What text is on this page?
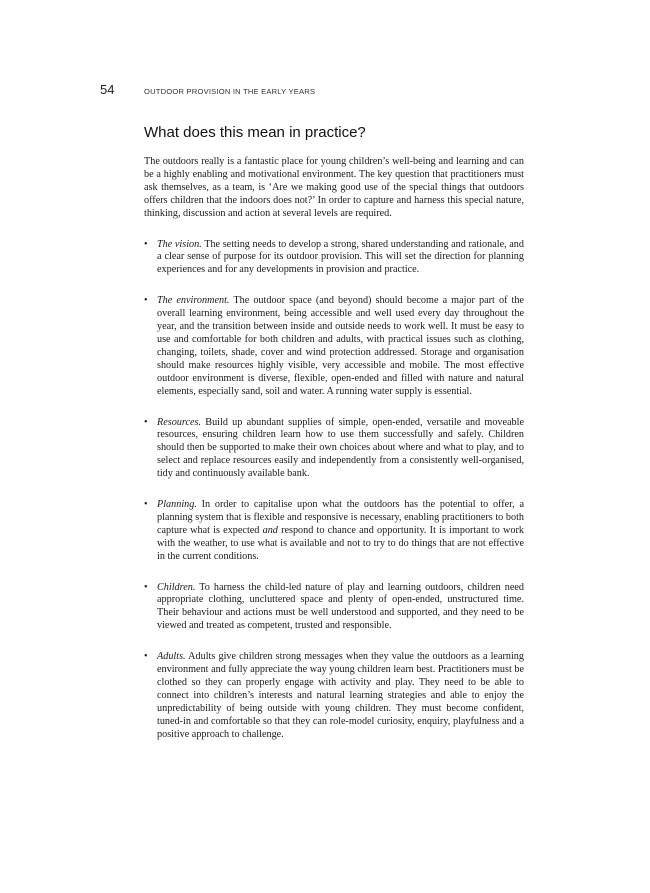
54	OUTDOOR PROVISION IN THE EARLY YEARS
What does this mean in practice?

The outdoors really is a fantastic place for young children’s well-being and learning and can be a highly enabling and motivational environment. The key question that practitioners must ask themselves, as a team, is ‘Are we making good use of the special things that outdoors offers children that the indoors does not?’ In order to capture and harness this special nature, thinking, discussion and action at several levels are required.

• The vision. The setting needs to develop a strong, shared understanding and rationale, and a clear sense of purpose for its outdoor provision. This will set the direction for planning experiences and for any developments in provision and practice.
• The environment. The outdoor space (and beyond) should become a major part of the overall learning environment, being accessible and well used every day throughout the year, and the transition between inside and outside needs to work well. It must be easy to use and comfortable for both children and adults, with practical issues such as clothing, changing, toilets, shade, cover and wind protection addressed. Storage and organisation should make resources highly visible, very accessible and mobile. The most effective outdoor environment is diverse, flexible, open-ended and filled with nature and natural elements, especially sand, soil and water. A running water supply is essential.
• Resources. Build up abundant supplies of simple, open-ended, versatile and moveable resources, ensuring children learn how to use them successfully and safely. Children should then be supported to make their own choices about where and what to play, and to select and replace resources easily and independently from a consistently well-organised, tidy and continuously available bank.
• Planning. In order to capitalise upon what the outdoors has the potential to offer, a planning system that is flexible and responsive is necessary, enabling practitioners to both capture what is expected and respond to chance and opportunity. It is important to work with the weather, to use what is available and not to try to do things that are not effective in the current conditions.
• Children. To harness the child-led nature of play and learning outdoors, children need appropriate clothing, uncluttered space and plenty of open-ended, unstructured time. Their behaviour and actions must be well understood and supported, and they need to be viewed and treated as competent, trusted and responsible.
• Adults. Adults give children strong messages when they value the outdoors as a learning environment and fully appreciate the way young children learn best. Practitioners must be clothed so they can properly engage with activity and play. They need to be able to connect into children’s interests and natural learning strategies and able to enjoy the unpredictability of being outside with young children. They must become confident, tuned-in and comfortable so that they can role-model curiosity, enquiry, playfulness and a positive approach to challenge.
